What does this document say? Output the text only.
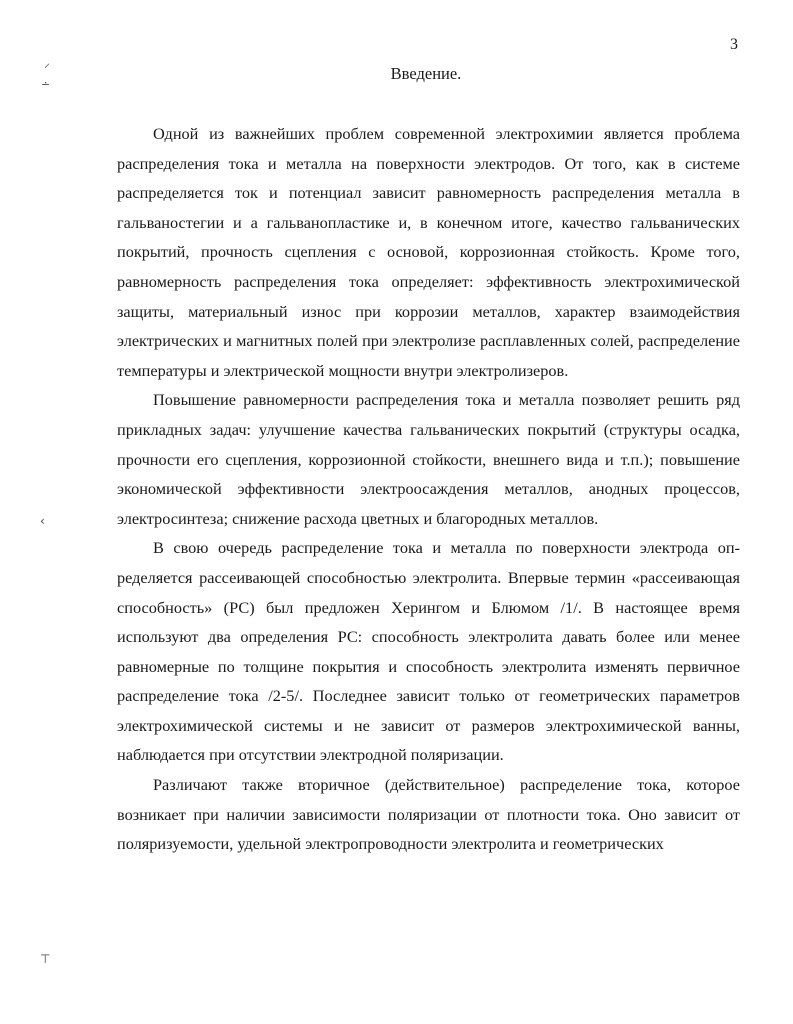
3
Введение.

Одной из важнейших проблем современной электрохимии является проблема распределения тока и металла на поверхности электродов. От того, как в системе распределяется ток и потенциал зависит равномерность распределения металла в гальваностегии и а гальванопластике и, в конечном итоге, качество гальванических покрытий, прочность сцепления с основой, коррозионная стойкость. Кроме того, равномерность распределения тока определяет: эффективность электрохимической защиты, материальный износ при коррозии металлов, характер взаимодействия электрических и магнитных полей при электролизе расплавленных солей, распределение температуры и электрической мощности внутри электролизеров.

Повышение равномерности распределения тока и металла позволяет решить ряд прикладных задач: улучшение качества гальванических покрытий (структуры осадка, прочности его сцепления, коррозионной стойкости, внешнего вида и т.п.); повышение экономической эффективности электроосаждения металлов, анодных процессов, электросинтеза; снижение расхода цветных и благородных металлов.

В свою очередь распределение тока и металла по поверхности электрода определяется рассеивающей способностью электролита. Впервые термин «рассеивающая способность» (РС) был предложен Херингом и Блюмом /1/. В настоящее время используют два определения РС: способность электролита давать более или менее равномерные по толщине покрытия и способность электролита изменять первичное распределение тока /2-5/. Последнее зависит только от геометрических параметров электрохимической системы и не зависит от размеров электрохимической ванны, наблюдается при отсутствии электродной поляризации.

Различают также вторичное (действительное) распределение тока, которое возникает при наличии зависимости поляризации от плотности тока. Оно зависит от поляризуемости, удельной электропроводности электролита и геометрических

⸝
∸
‹
⊤
